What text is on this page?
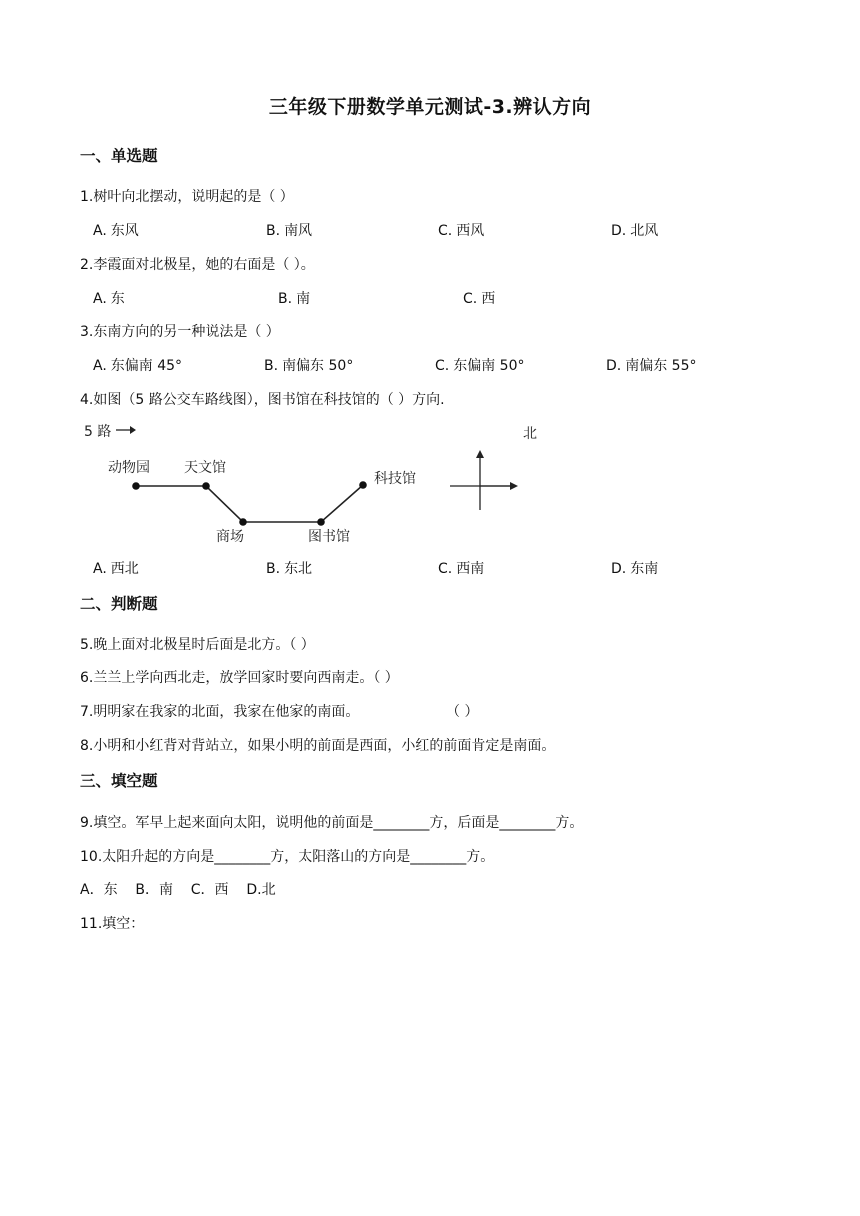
三年级下册数学单元测试-3.辨认方向
一、单选题
1.树叶向北摆动，说明起的是（ ）
A. 东风	B. 南风	C. 西风	D. 北风
2.李霞面对北极星，她的右面是（ ）。
A. 东	B. 南	C. 西
3.东南方向的另一种说法是（ ）
A. 东偏南 45°	B. 南偏东 50°	C. 东偏南 50°	D. 南偏东 55°
4.如图（5 路公交车路线图），图书馆在科技馆的（ ）方向.
5 路	北
动物园 天文馆
商场	图书馆
科技馆
A. 西北	B. 东北	C. 西南	D. 东南
二、判断题
5.晚上面对北极星时后面是北方。（ ）
6.兰兰上学向西北走，放学回家时要向西南走。（ ）
7.明明家在我家的北面，我家在他家的南面。	（ ）
8.小明和小红背对背站立，如果小明的前面是西面，小红的前面肯定是南面。
三、填空题
9.填空。军早上起来面向太阳，说明他的前面是________方，后面是________方。
10.太阳升起的方向是________方，太阳落山的方向是________方。
A．东    B．南    C．西    D.北
11.填空：
